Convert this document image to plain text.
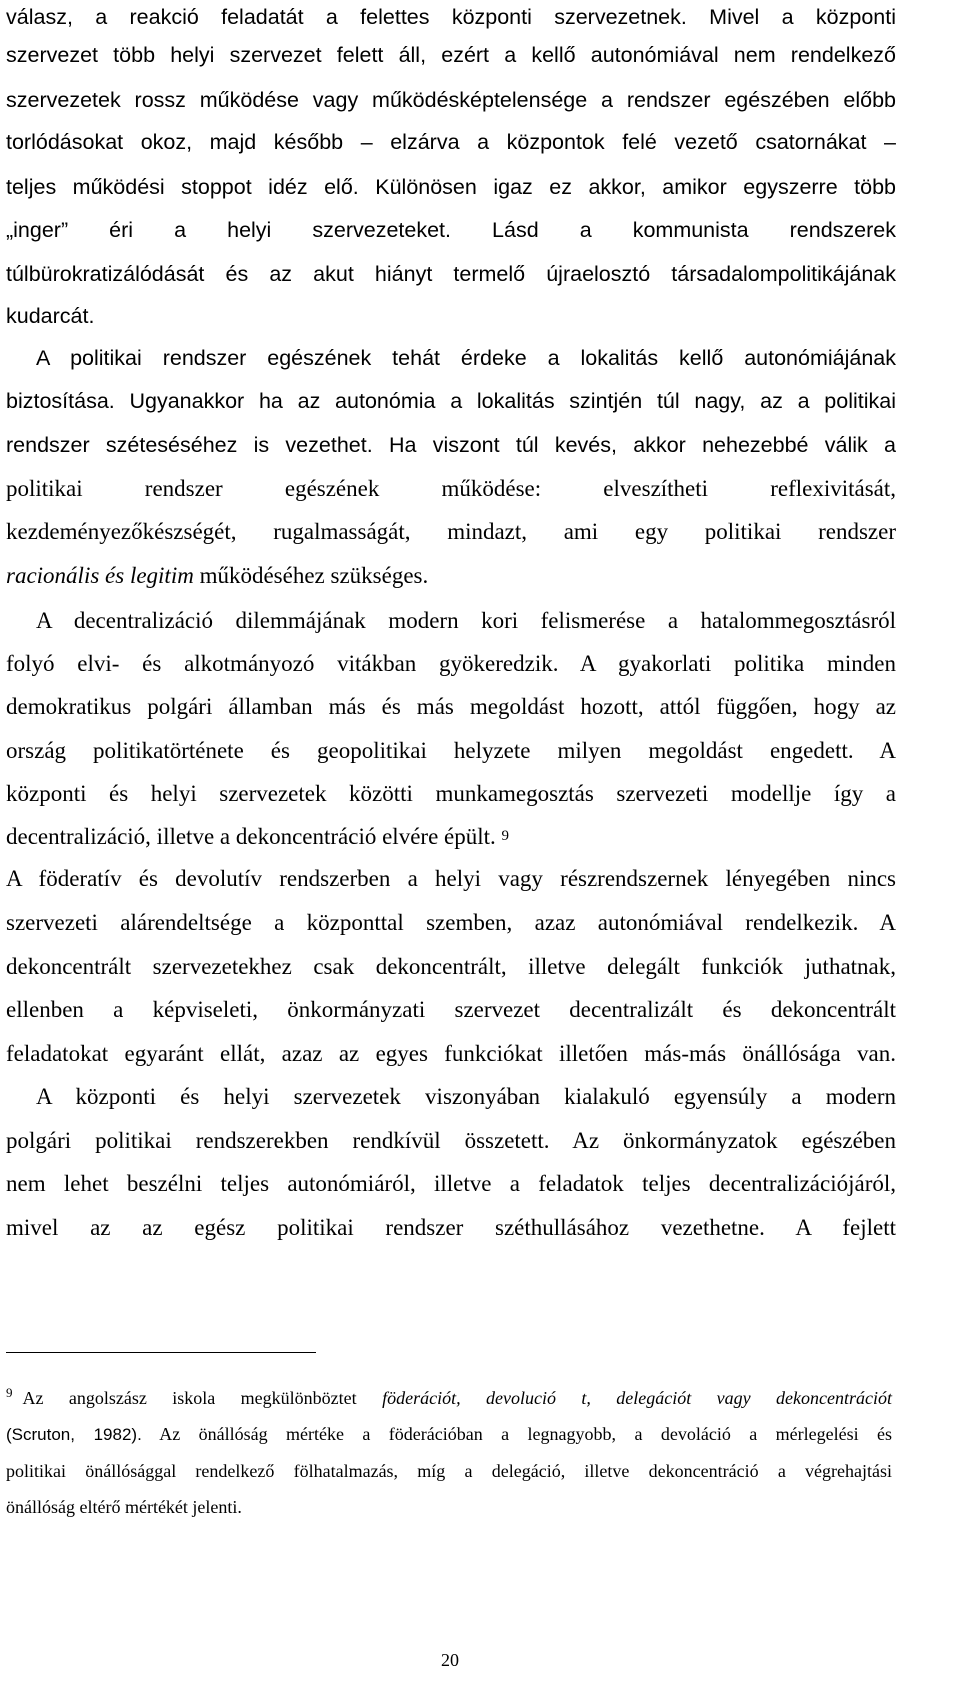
válasz, a reakció feladatát a felettes központi szervezetnek. Mivel a központi
szervezet több helyi szervezet felett áll, ezért a kellő autonómiával nem rendelkező
szervezetek rossz működése vagy működésképtelensége a rendszer egészében előbb
torlódásokat okoz, majd később – elzárva a központok felé vezető csatornákat –
teljes működési stoppot idéz elő. Különösen igaz ez akkor, amikor egyszerre több
„inger” éri a helyi szervezeteket. Lásd a kommunista rendszerek
túlbürokratizálódását és az akut hiányt termelő újraelosztó társadalompolitikájának
kudarcát.
A politikai rendszer egészének tehát érdeke a lokalitás kellő autonómiájának
biztosítása. Ugyanakkor ha az autonómia a lokalitás szintjén túl nagy, az a politikai
rendszer széteséséhez is vezethet. Ha viszont túl kevés, akkor nehezebbé válik a
politikai rendszer egészének működése: elveszítheti reflexivitását,
kezdeményezőkészségét, rugalmasságát, mindazt, ami egy politikai rendszer
racionális és legitim működéséhez szükséges.
A decentralizáció dilemmájának modern kori felismerése a hatalommegosztásról
folyó elvi- és alkotmányozó vitákban gyökeredzik. A gyakorlati politika minden
demokratikus polgári államban más és más megoldást hozott, attól függően, hogy az
ország politikatörténete és geopolitikai helyzete milyen megoldást engedett. A
központi és helyi szervezetek közötti munkamegosztás szervezeti modellje így a
decentralizáció, illetve a dekoncentráció elvére épült. $^9$
A föderatív és devolutív rendszerben a helyi vagy részrendszernek lényegében nincs
szervezeti alárendeltsége a központtal szemben, azaz autonómiával rendelkezik. A
dekoncentrált szervezetekhez csak dekoncentrált, illetve delegált funkciók juthatnak,
ellenben a képviseleti, önkormányzati szervezet decentralizált és dekoncentrált
feladatokat egyaránt ellát, azaz az egyes funkciókat illetően más-más önállósága van.
A központi és helyi szervezetek viszonyában kialakuló egyensúly a modern
polgári politikai rendszerekben rendkívül összetett. Az önkormányzatok egészében
nem lehet beszélni teljes autonómiáról, illetve a feladatok teljes decentralizációjáról,
mivel az az egész politikai rendszer széthullásához vezethetne. A fejlett
$^9$ Az angolszász iskola megkülönböztet föderációt, devolució t, delegációt vagy dekoncentrációt
(Scruton, 1982). Az önállóság mértéke a föderációban a legnagyobb, a devoláció a mérlegelési és
politikai önállósággal rendelkező fölhatalmazás, míg a delegáció, illetve dekoncentráció a végrehajtási
önállóság eltérő mértékét jelenti.
20
